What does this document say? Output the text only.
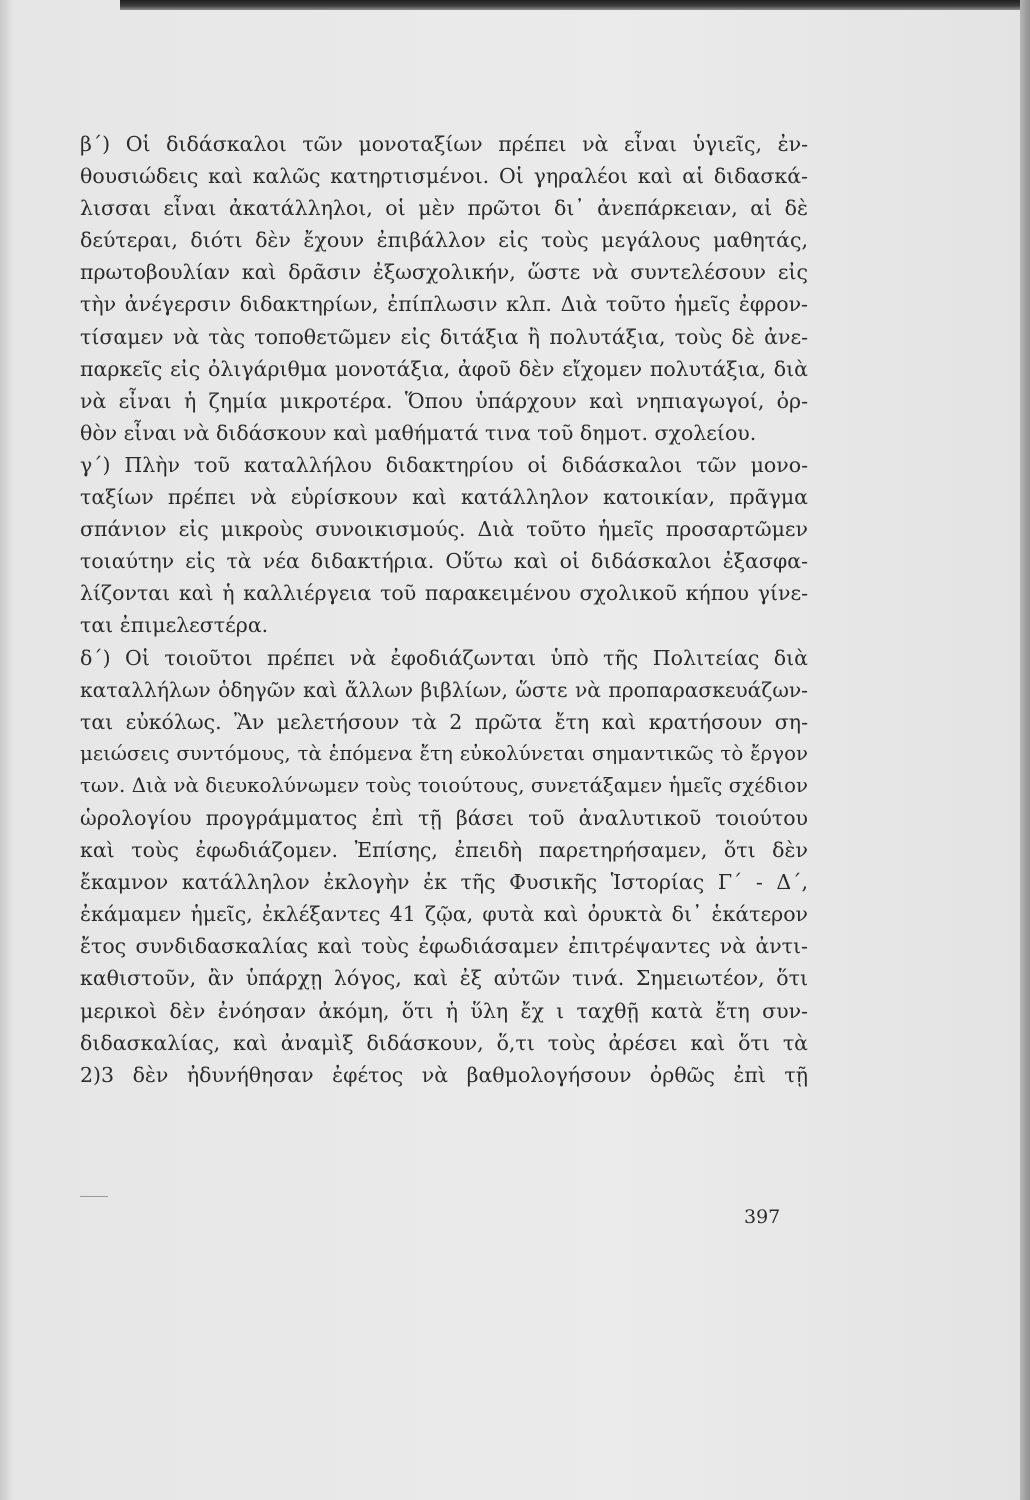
β΄) Οἱ διδάσκαλοι τῶν μονοταξίων πρέπει νὰ εἶναι ὑγιεῖς, ἐν-
θουσιώδεις καὶ καλῶς κατηρτισμένοι. Οἱ γηραλέοι καὶ αἱ διδασκά-
λισσαι εἶναι ἀκατάλληλοι, οἱ μὲν πρῶτοι δι᾽ ἀνεπάρκειαν, αἱ δὲ
δεύτεραι, διότι δὲν ἔχουν ἐπιβάλλον εἰς τοὺς μεγάλους μαθητάς,
πρωτοβουλίαν καὶ δρᾶσιν ἐξωσχολικήν, ὥστε νὰ συντελέσουν εἰς
τὴν ἀνέγερσιν διδακτηρίων, ἐπίπλωσιν κλπ. Διὰ τοῦτο ἡμεῖς ἐφρον-
τίσαμεν νὰ τὰς τοποθετῶμεν εἰς διτάξια ἢ πολυτάξια, τοὺς δὲ ἀνε-
παρκεῖς εἰς ὀλιγάριθμα μονοτάξια, ἀφοῦ δὲν εἴχομεν πολυτάξια, διὰ
νὰ εἶναι ἡ ζημία μικροτέρα. Ὅπου ὑπάρχουν καὶ νηπιαγωγοί, ὀρ-
θὸν εἶναι νὰ διδάσκουν καὶ μαθήματά τινα τοῦ δημοτ. σχολείου.
γ΄) Πλὴν τοῦ καταλλήλου διδακτηρίου οἱ διδάσκαλοι τῶν μονο-
ταξίων πρέπει νὰ εὑρίσκουν καὶ κατάλληλον κατοικίαν, πρᾶγμα
σπάνιον εἰς μικροὺς συνοικισμούς. Διὰ τοῦτο ἡμεῖς προσαρτῶμεν
τοιαύτην εἰς τὰ νέα διδακτήρια. Οὕτω καὶ οἱ διδάσκαλοι ἐξασφα-
λίζονται καὶ ἡ καλλιέργεια τοῦ παρακειμένου σχολικοῦ κήπου γίνε-
ται ἐπιμελεστέρα.
δ΄) Οἱ τοιοῦτοι πρέπει νὰ ἐφοδιάζωνται ὑπὸ τῆς Πολιτείας διὰ
καταλλήλων ὁδηγῶν καὶ ἄλλων βιβλίων, ὥστε νὰ προπαρασκευάζων-
ται εὐκόλως. Ἂν μελετήσουν τὰ 2 πρῶτα ἔτη καὶ κρατήσουν ση-
μειώσεις συντόμους, τὰ ἑπόμενα ἔτη εὐκολύνεται σημαντικῶς τὸ ἔργον
των. Διὰ νὰ διευκολύνωμεν τοὺς τοιούτους, συνετάξαμεν ἡμεῖς σχέδιον
ὡρολογίου προγράμματος ἐπὶ τῇ βάσει τοῦ ἀναλυτικοῦ τοιούτου
καὶ τοὺς ἐφωδιάζομεν. Ἐπίσης, ἐπειδὴ παρετηρήσαμεν, ὅτι δὲν
ἔκαμνον κατάλληλον ἐκλογὴν ἐκ τῆς Φυσικῆς Ἱστορίας Γ΄ - Δ΄,
ἐκάμαμεν ἡμεῖς, ἐκλέξαντες 41 ζῷα, φυτὰ καὶ ὀρυκτὰ δι᾽ ἑκάτερον
ἔτος συνδιδασκαλίας καὶ τοὺς ἐφωδιάσαμεν ἐπιτρέψαντες νὰ ἀντι-
καθιστοῦν, ἂν ὑπάρχῃ λόγος, καὶ ἐξ αὐτῶν τινά. Σημειωτέον, ὅτι
μερικοὶ δὲν ἐνόησαν ἀκόμη, ὅτι ἡ ὕλη ἔχ ι ταχθῇ κατὰ ἔτη συν-
διδασκαλίας, καὶ ἀναμὶξ διδάσκουν, ὅ,τι τοὺς ἀρέσει καὶ ὅτι τὰ
2)3 δὲν ἠδυνήθησαν ἐφέτος νὰ βαθμολογήσουν ὀρθῶς ἐπὶ τῇ
397
